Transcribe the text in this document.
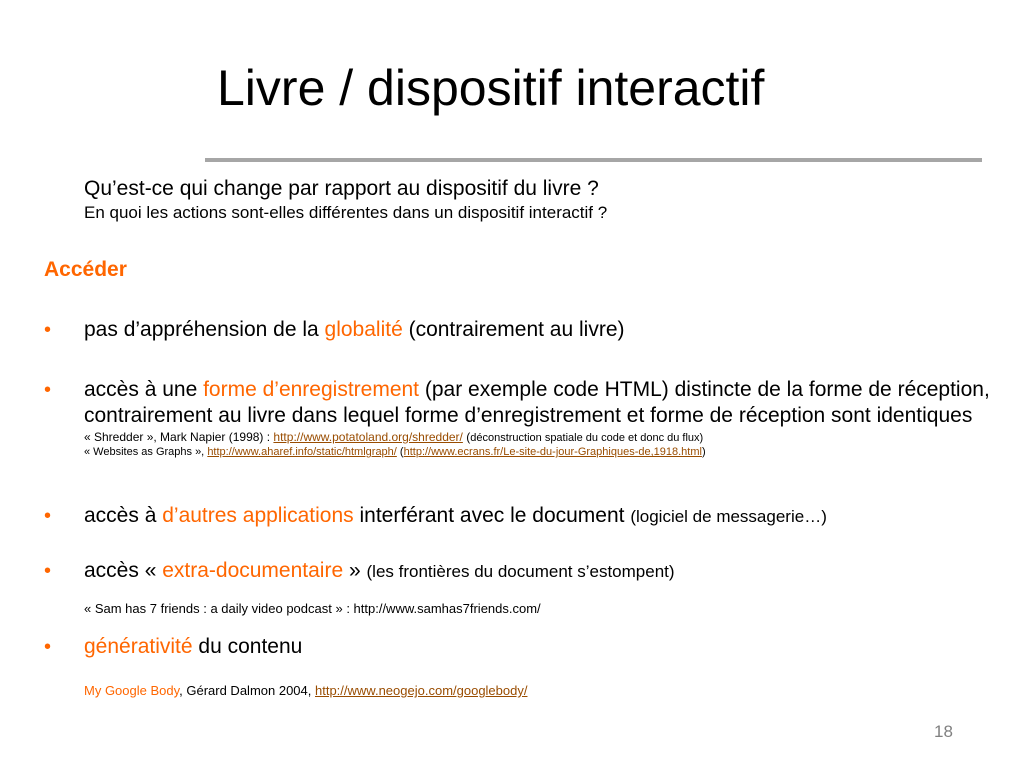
Livre / dispositif interactif
Qu’est-ce qui change par rapport au dispositif du livre ?
En quoi les actions sont-elles différentes dans un dispositif interactif ?
Accéder
• pas d’appréhension de la globalité (contrairement au livre)
• accès à une forme d’enregistrement (par exemple code HTML) distincte de la forme de réception, contrairement au livre dans lequel forme d’enregistrement et forme de réception sont identiques
« Shredder », Mark Napier (1998) : http://www.potatoland.org/shredder/ (déconstruction spatiale du code et donc du flux)
« Websites as Graphs », http://www.aharef.info/static/htmlgraph/ (http://www.ecrans.fr/Le-site-du-jour-Graphiques-de,1918.html)
• accès à d’autres applications interférant avec le document (logiciel de messagerie…)
• accès « extra-documentaire » (les frontières du document s’estompent)
« Sam has 7 friends : a daily video podcast » : http://www.samhas7friends.com/
• générativité du contenu
My Google Body, Gérard Dalmon 2004, http://www.neogejo.com/googlebody/
18
